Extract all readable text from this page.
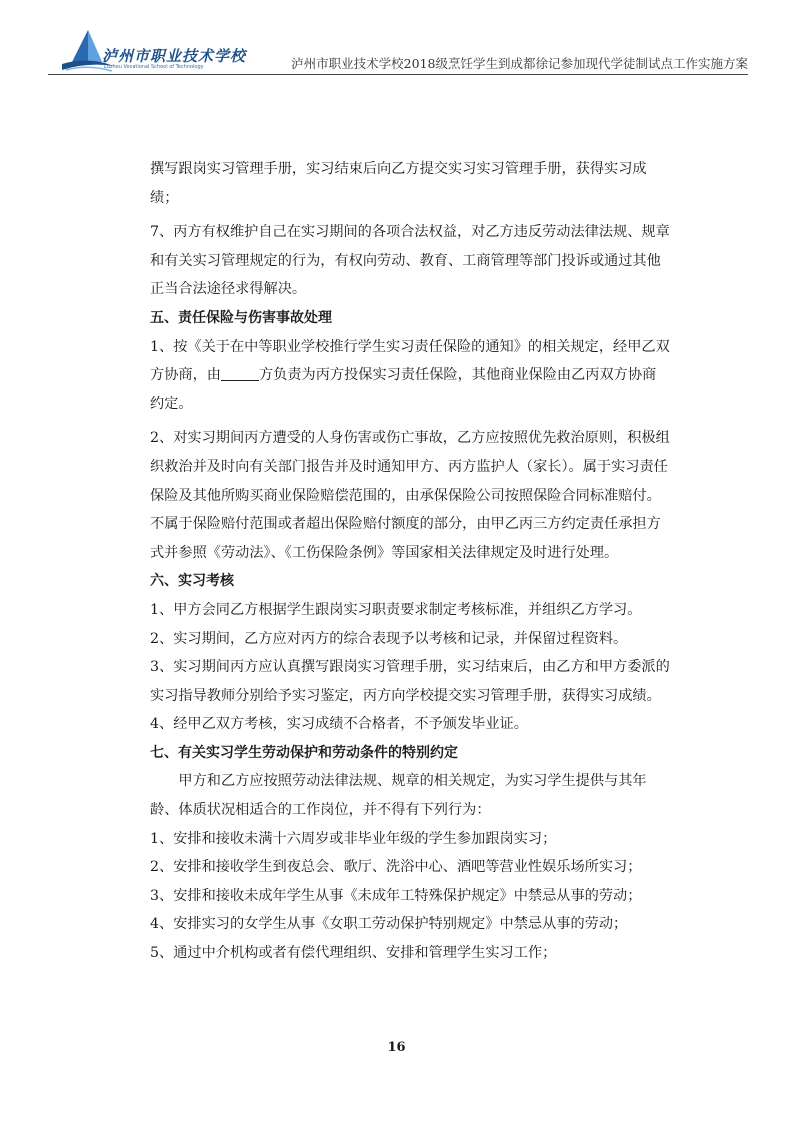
泸州市职业技术学校
Luzhou Vocational School of Technology	泸州市职业技术学校2018级烹饪学生到成都徐记参加现代学徒制试点工作实施方案

撰写跟岗实习管理手册，实习结束后向乙方提交实习实习管理手册，获得实习成绩；

7、丙方有权维护自己在实习期间的各项合法权益，对乙方违反劳动法律法规、规章和有关实习管理规定的行为，有权向劳动、教育、工商管理等部门投诉或通过其他正当合法途径求得解决。

五、责任保险与伤害事故处理

1、按《关于在中等职业学校推行学生实习责任保险的通知》的相关规定，经甲乙双方协商，由	方负责为丙方投保实习责任保险，其他商业保险由乙丙双方协商约定。

2、对实习期间丙方遭受的人身伤害或伤亡事故，乙方应按照优先救治原则，积极组织救治并及时向有关部门报告并及时通知甲方、丙方监护人（家长）。属于实习责任保险及其他所购买商业保险赔偿范围的，由承保保险公司按照保险合同标准赔付。不属于保险赔付范围或者超出保险赔付额度的部分，由甲乙丙三方约定责任承担方式并参照《劳动法》、《工伤保险条例》等国家相关法律规定及时进行处理。

六、实习考核

1、甲方会同乙方根据学生跟岗实习职责要求制定考核标准，并组织乙方学习。

2、实习期间，乙方应对丙方的综合表现予以考核和记录，并保留过程资料。

3、实习期间丙方应认真撰写跟岗实习管理手册，实习结束后，由乙方和甲方委派的实习指导教师分别给予实习鉴定，丙方向学校提交实习管理手册，获得实习成绩。

4、经甲乙双方考核，实习成绩不合格者，不予颁发毕业证。

七、有关实习学生劳动保护和劳动条件的特别约定

甲方和乙方应按照劳动法律法规、规章的相关规定，为实习学生提供与其年龄、体质状况相适合的工作岗位，并不得有下列行为：

1、安排和接收未满十六周岁或非毕业年级的学生参加跟岗实习；

2、安排和接收学生到夜总会、歌厅、洗浴中心、酒吧等营业性娱乐场所实习；

3、安排和接收未成年学生从事《未成年工特殊保护规定》中禁忌从事的劳动；

4、安排实习的女学生从事《女职工劳动保护特别规定》中禁忌从事的劳动；

5、通过中介机构或者有偿代理组织、安排和管理学生实习工作；

16
